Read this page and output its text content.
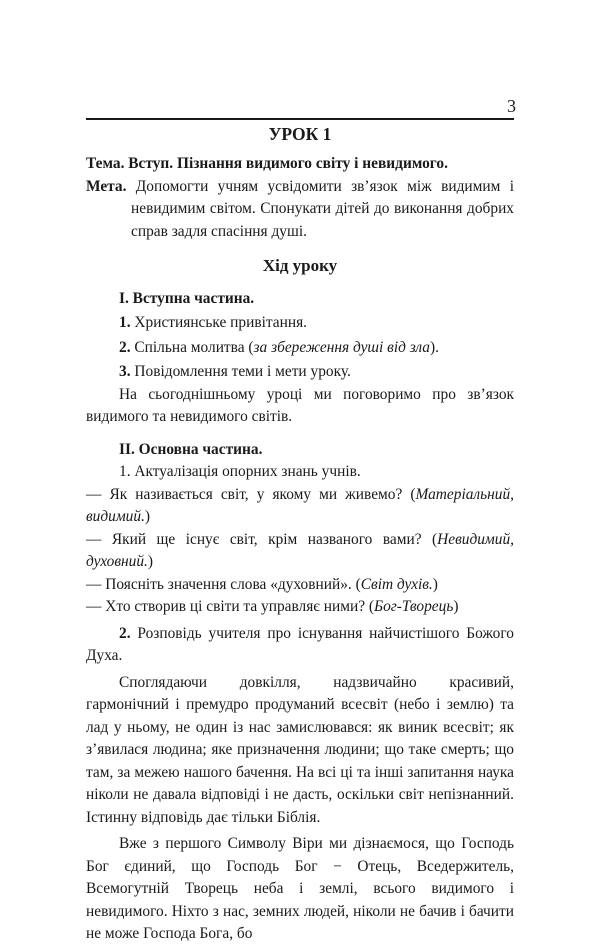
3
УРОК 1

Тема. Вступ. Пізнання видимого світу і невидимого.

Мета. Допомогти учням усвідомити зв’язок між видимим і невидимим світом. Спонукати дітей до виконання добрих справ задля спасіння душі.

Хід уроку

I. Вступна частина.

1. Християнське привітання.

2. Спільна молитва (за збереження душі від зла).

3. Повідомлення теми і мети уроку.

На сьогоднішньому уроці ми поговоримо про зв’язок видимого та невидимого світів.

II. Основна частина.

1. Актуалізація опорних знань учнів.

— Як називається світ, у якому ми живемо? (Матеріальний, видимий.)

— Який ще існує світ, крім названого вами? (Невидимий, духовний.)

— Поясніть значення слова «духовний». (Світ духів.)

— Хто створив ці світи та управляє ними? (Бог-Творець)

2. Розповідь учителя про існування найчистішого Божого Духа.

Споглядаючи довкілля, надзвичайно красивий, гармонічний і премудро продуманий всесвіт (небо і землю) та лад у ньому, не один із нас замислювався: як виник всесвіт; як з’явилася людина; яке призначення людини; що таке смерть; що там, за межею нашого бачення. На всі ці та інші запитання наука ніколи не давала відповіді і не дасть, оскільки світ непізнанний. Істинну відповідь дає тільки Біблія.

Вже з першого Символу Віри ми дізнаємося, що Господь Бог єдиний, що Господь Бог − Отець, Вседержитель, Всемогутній Творець неба і землі, всього видимого і невидимого. Ніхто з нас, земних людей, ніколи не бачив і бачити не може Господа Бога, бо
